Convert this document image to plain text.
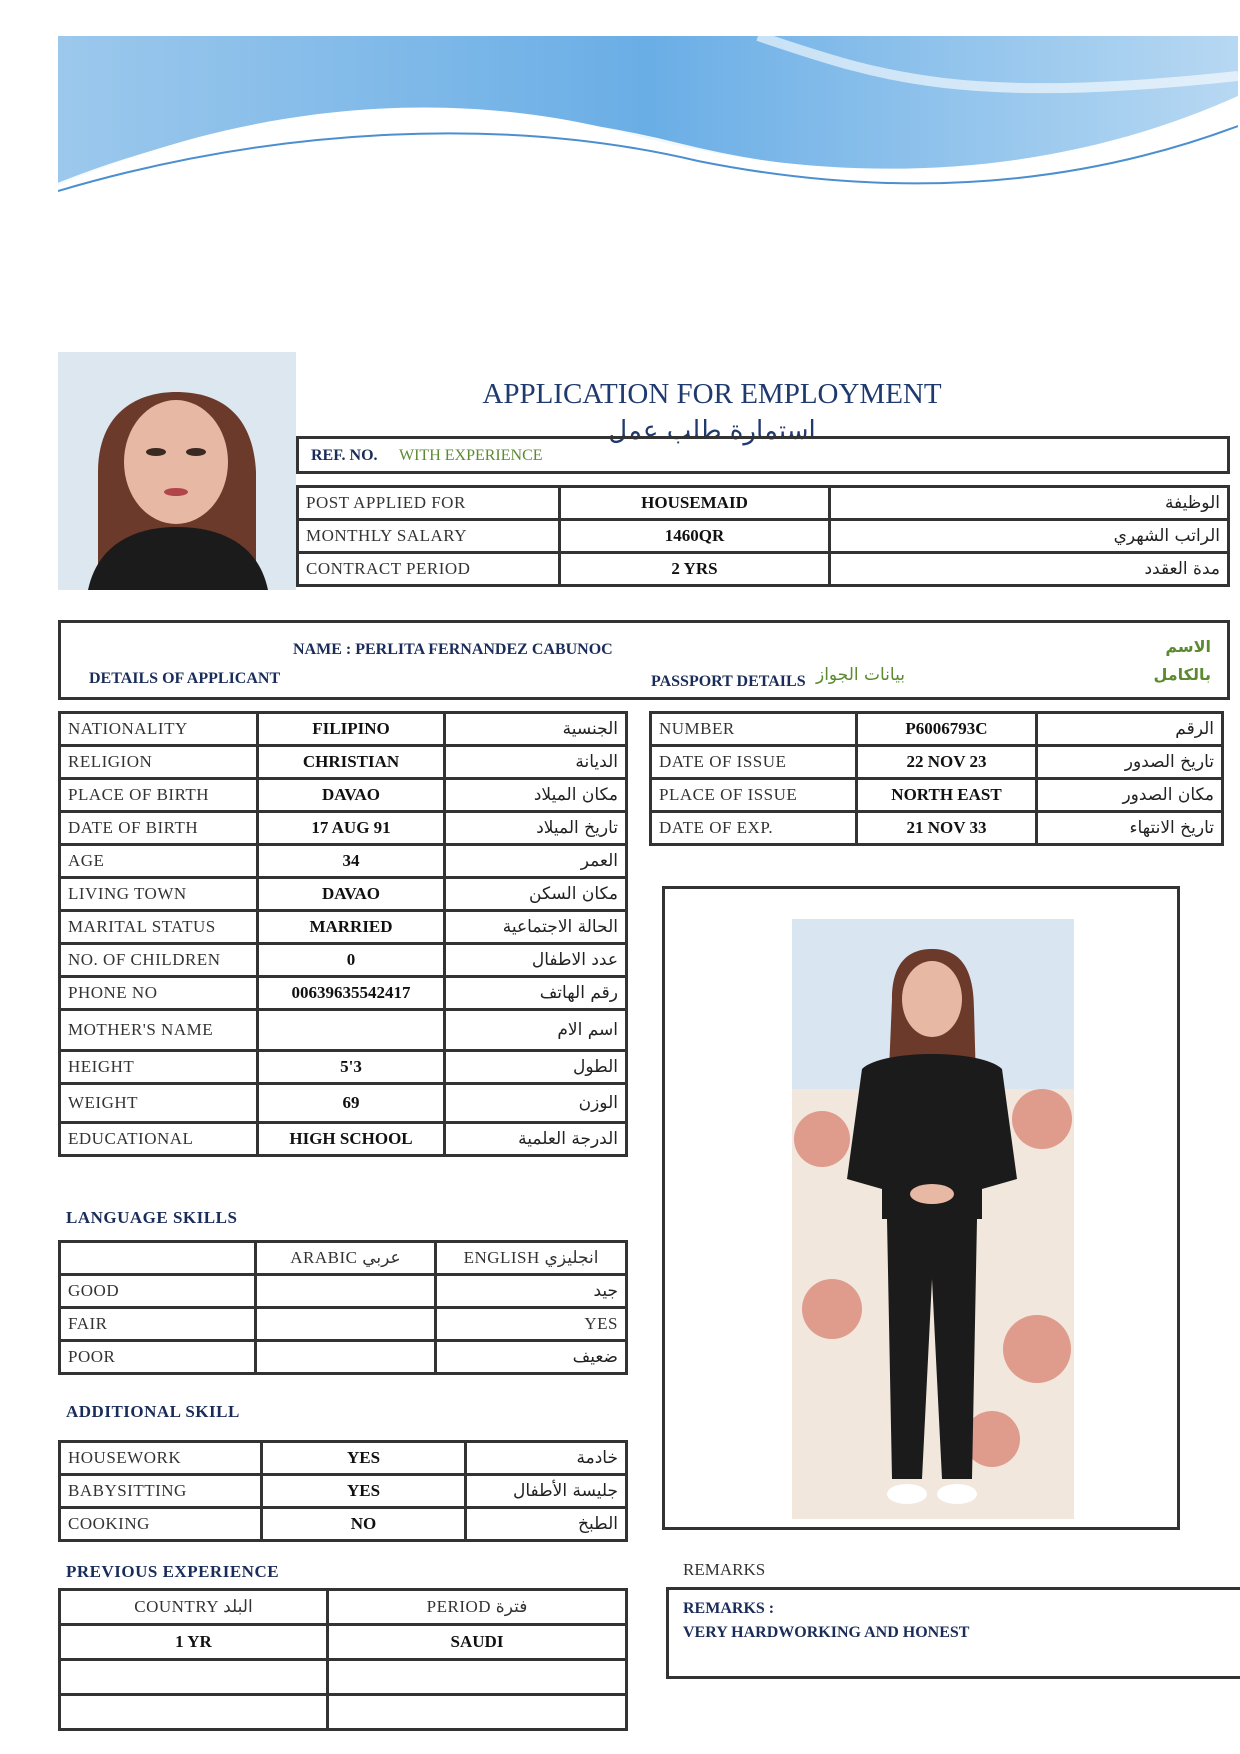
APPLICATION FOR EMPLOYMENT
استمارة طلب عمل
REF. NO. WITH EXPERIENCE
POST APPLIED FOR	HOUSEMAID	الوظيفة
MONTHLY SALARY	1460QR	الراتب الشهري
CONTRACT PERIOD	2 YRS	مدة العقدد
NAME : PERLITA FERNANDEZ CABUNOC	الاسم
بالكامل
DETAILS OF APPLICANT	PASSPORT DETAILS بيانات الجواز
NATIONALITY	FILIPINO	الجنسية
RELIGION	CHRISTIAN	الديانة
PLACE OF BIRTH	DAVAO	مكان الميلاد
DATE OF BIRTH	17 AUG 91	تاريخ الميلاد
AGE	34	العمر
LIVING TOWN	DAVAO	مكان السكن
MARITAL STATUS	MARRIED	الحالة الاجتماعية
NO. OF CHILDREN	0	عدد الاطفال
PHONE NO	00639635542417	رقم الهاتف
MOTHER'S NAME		اسم الام
HEIGHT	5'3	الطول
WEIGHT	69	الوزن
EDUCATIONAL	HIGH SCHOOL	الدرجة العلمية
NUMBER	P6006793C	الرقم
DATE OF ISSUE	22 NOV 23	تاريخ الصدور
PLACE OF ISSUE	NORTH EAST	مكان الصدور
DATE OF EXP.	21 NOV 33	تاريخ الانتهاء
LANGUAGE SKILLS
	ARABIC عربي	ENGLISH انجليزي
GOOD		جيد
FAIR		YES
POOR		ضعيف
ADDITIONAL SKILL
HOUSEWORK	YES	خادمة
BABYSITTING	YES	جليسة الأطفال
COOKING	NO	الطبخ
PREVIOUS EXPERIENCE
COUNTRY البلد	PERIOD فترة
1 YR	SAUDI

REMARKS
REMARKS :
VERY HARDWORKING AND HONEST
